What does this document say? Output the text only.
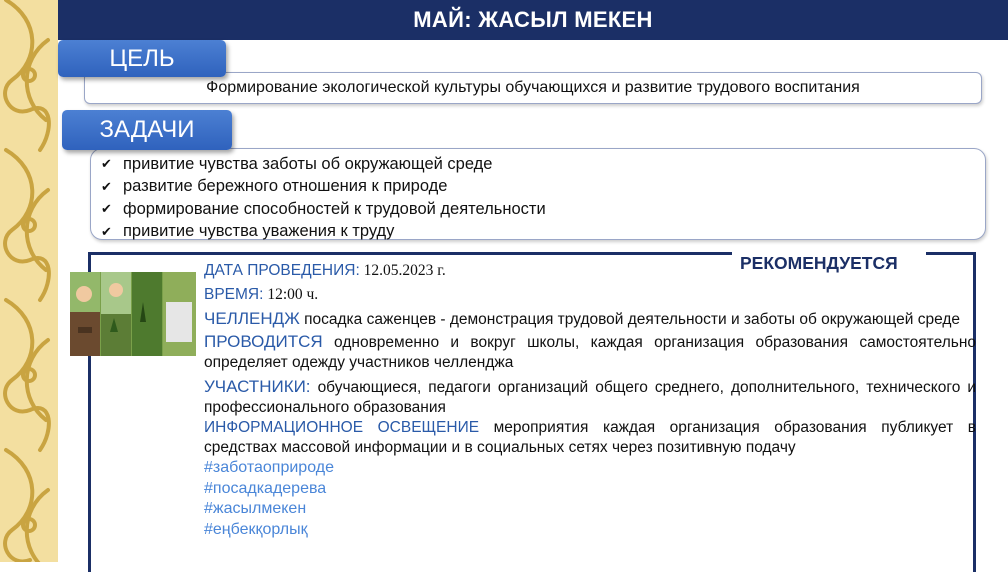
МАЙ: ЖАСЫЛ МЕКЕН
Формирование экологической культуры обучающихся и развитие трудового воспитания
ЦЕЛЬ
✔ привитие чувства заботы об окружающей среде
✔ развитие бережного отношения к природе
✔ формирование способностей к трудовой деятельности
✔ привитие чувства уважения к труду
ЗАДАЧИ
РЕКОМЕНДУЕТСЯ
ДАТА ПРОВЕДЕНИЯ: 12.05.2023 г.
ВРЕМЯ: 12:00 ч.
ЧЕЛЛЕНДЖ посадка саженцев - демонстрация трудовой деятельности и заботы об окружающей среде
ПРОВОДИТСЯ одновременно и вокруг школы, каждая организация образования самостоятельно определяет одежду участников челленджа
УЧАСТНИКИ: обучающиеся, педагоги организаций общего среднего, дополнительного, технического и профессионального образования
ИНФОРМАЦИОННОЕ ОСВЕЩЕНИЕ мероприятия каждая организация образования публикует в средствах массовой информации и в социальных сетях через позитивную подачу
#заботаоприроде
#посадкадерева
#жасылмекен
#еңбекқорлық
